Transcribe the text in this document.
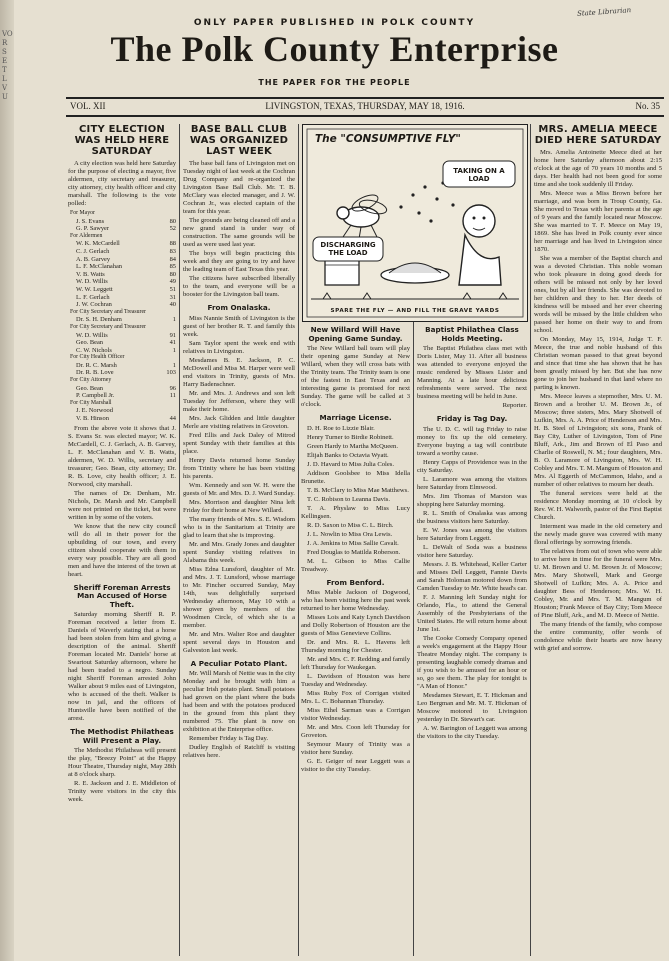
VO
R
S
E
T
L
V
U
State Librarian
ONLY PAPER PUBLISHED IN POLK COUNTY
The Polk County Enterprise
THE PAPER FOR THE PEOPLE
VOL. XII	LIVINGSTON, TEXAS, THURSDAY, MAY 18, 1916.	No. 35
CITY ELECTION WAS HELD HERE SATURDAY

A city election was held here Saturday for the purpose of electing a mayor, five aldermen, city secretary and treasurer, city attorney, city health officer and city marshall. The following is the vote polled:

For Mayor	
J. S. Evans	80
G. P. Sawyer	52
For Aldermen	
W. K. McCardell	88
C. J. Gerlach	83
A. B. Garvey	84
L. F. McClanahan	85
V. B. Watts	80
W. D. Willis	49
W. W. Leggett	51
L. F. Gerlach	31
J. W. Cochran	40
For City Secretary and Treasurer	
Dr. S. H. Denham	1
For City Secretary and Treasurer	
W. D. Willis	91
Geo. Bean	41
C. W. Nichols	1
For City Health Officer	
Dr. R. C. Marsh	1
Dr. R. B. Love	103
For City Attorney	
Geo. Bean	96
P. Campbell Jr.	11
For City Marshall	
J. E. Norwood	
V. B. Hinson	44

From the above vote it shows that J. S. Evans Sr. was elected mayor; W. K. McCardell, C. J. Gerlach, A. B. Garvey, L. F. McClanahan and V. B. Watts, aldermen, W. D. Willis, secretary and treasurer; Geo. Bean, city attorney; Dr. R. B. Love, city health officer; J. E. Norwood, city marshall.

The names of Dr. Denham, Mr. Nichols, Dr. Marsh and Mr. Campbell were not printed on the ticket, but were written in by some of the voters.

We know that the new city council will do all in their power for the upbuilding of our town, and every citizen should cooperate with them in every way possible. They are all good men and have the interest of the town at heart.

Sheriff Foreman Arrests Man Accused of Horse Theft.

Saturday morning Sheriff R. P. Foreman received a letter from E. Daniels of Waverly stating that a horse had been stolen from him and giving a description of the animal. Sheriff Foreman located Mr. Daniels' horse at Swartout Saturday afternoon, where he had been traded to a negro. Sunday night Sheriff Foreman arrested John Walker about 9 miles east of Livingston, who is accused of the theft. Walker is now in jail, and the officers of Huntsville have been notified of the arrest.

The Methodist Philatheas Will Present a Play.

The Methodist Philatheas will present the play, "Breezy Point" at the Happy Hour Theatre, Thursday night, May 28th at 8 o'clock sharp.

R. E. Jackson and J. E. Middleton of Trinity were visitors in the city this week.

BASE BALL CLUB WAS ORGANIZED LAST WEEK

The base ball fans of Livingston met on Tuesday night of last week at the Cochran Drug Company and re-organized the Livingston Base Ball Club. Mr. T. B. McClary was elected manager, and J. W. Cochran Jr., was elected captain of the team for this year.

The grounds are being cleaned off and a new grand stand is under way of construction. The same grounds will be used as were used last year.

The boys will begin practicing this week and they are going to try and have the leading team of East Texas this year.

The citizens have subscribed liberally to the team, and everyone will be a booster for the Livingston ball team.

From Onalaska.

Miss Nannie Smith of Livingston is the guest of her brother R. T. and family this week.

Sam Taylor spent the week end with relatives in Livingston.

Mesdames B. E. Jackson, P. C. McDowell and Miss M. Harper were well end visitors in Trinity, guests of Mrs. Harry Badenschner.

Mr. and Mrs. J. Andrews and son left Tuesday for Jefferson, where they will make their home.

Mrs. Jack Glidden and little daughter Merle are visiting relatives in Groveton.

Fred Ellis and Jack Daley of Mitrod spent Sunday with their families at this place.

Henry Davis returned home Sunday from Trinity where he has been visiting his parents.

Wm. Kennedy and son W. H. were the guests of Mr. and Mrs. D. J. Ward Sunday.

Mrs. Morrison and daughter Nina left Friday for their home at New Willard.

The many friends of Mrs. S. E. Wisdom who is in the Sanitarium at Trinity are glad to learn that she is improving.

Mr. and Mrs. Grady Jones and daughter spent Sunday visiting relatives in Alabama this week.

Miss Edna Lunsford, daughter of Mr. and Mrs. J. T. Lunsford, whose marriage to Mr. Fincher occurred Sunday, May 14th, was delightfully surprised Wednesday afternoon, May 10 with a shower given by members of the Woodmen Circle, of which she is a member.

Mr. and Mrs. Walter Roe and daughter spent several days in Houston and Galveston last week.

A Peculiar Potato Plant.

Mr. Will Marsh of Nettie was in the city Monday and he brought with him a peculiar Irish potato plant. Small potatoes had grown on the plant where the buds had been and with the potatoes produced in the ground from this plant they numbered 75. The plant is now on exhibition at the Enterprise office.

Remember Friday is Tag Day.

Dudley English of Ratcliff is visiting relatives here.

The "CONSUMPTIVE FLY"
TAKING ON A LOAD
DISCHARGING THE LOAD
SPARE THE FLY — AND FILL THE GRAVE YARDS
New Willard Will Have Opening Game Sunday.

The New Willard ball team will play their opening game Sunday at New Willard, when they will cross bats with the Trinity team. The Trinity team is one of the fastest in East Texas and an interesting game is promised for next Sunday. The game will be called at 3 o'clock.

Marriage License.

D. H. Roe to Lizzie Blair.

Henry Turner to Birdie Robinett.

Green Hardy to Martha McQueen.

Elijah Banks to Octavia Wyatt.

J. D. Havard to Miss Julia Coles.

Addison Goolsbee to Miss Idella Brunette.

T. B. McClary to Miss Mae Matthews.

T. C. Robison to Leanna Davis.

T. A. Physlaw to Miss Lucy Kellingsen.

R. D. Saxon to Miss C. L. Birch.

J. L. Nowlin to Miss Ora Lewis.

J. A. Jenkins to Miss Sallie Cavalt.

Fred Douglas to Matilda Roberson.

M. L. Gibson to Miss Callie Treadway.

From Benford.

Miss Mable Jackson of Dogwood, who has been visiting here the past week returned to her home Wednesday.

Misses Lois and Katy Lynch Davidson and Dolly Robertson of Houston are the guests of Miss Genevieve Collins.

Dr. and Mrs. R. L. Havens left Thursday morning for Chester.

Mr. and Mrs. C. F. Redding and family left Thursday for Waukegan.

L. Davidson of Houston was here Tuesday and Wednesday.

Miss Ruby Fox of Corrigan visited Mrs. L. C. Bohannan Thursday.

Miss Ethel Sarman was a Corrigan visitor Wednesday.

Mr. and Mrs. Coon left Thursday for Groveton.

Seymour Maury of Trinity was a visitor here Sunday.

G. E. Geiger of near Leggett was a visitor to the city Tuesday.

Baptist Philathea Class Holds Meeting.

The Baptist Philathea class met with Doris Lister, May 11. After all business was attended to everyone enjoyed the music rendered by Misses Lister and Manning. At a late hour delicious refreshments were served. The next business meeting will be held in June.

Reporter.

Friday is Tag Day.

The U. D. C. will tag Friday to raise money to fix up the old cemetery. Everyone buying a tag will contribute toward a worthy cause.

Henry Capps of Providence was in the city Saturday.

L. Laramore was among the visitors here Saturday from Elmwood.

Mrs. Jim Thomas of Marston was shopping here Saturday morning.

R. L. Smith of Onalaska was among the business visitors here Saturday.

E. W. Jones was among the visitors here Saturday from Leggett.

L. DeWalt of Soda was a business visitor here Saturday.

Messrs. J. B. Whitehead, Keller Carter and Misses Dell Leggett, Fannie Davis and Sarah Holoman motored down from Camden Tuesday to Mr. White head's car.

F. J. Manning left Sunday night for Orlando, Fla., to attend the General Assembly of the Presbyterians of the United States. He will return home about June 1st.

The Cooke Comedy Company opened a week's engagement at the Happy Hour Theatre Monday night. The company is presenting laughable comedy dramas and if you wish to be amused for an hour or so, go see them. The play for tonight is "A Man of Honor."

Mesdames Stewart, E. T. Hickman and Leo Bergman and Mr. M. T. Hickman of Moscow motored to Livingston yesterday in Dr. Stewart's car.

A. W. Barington of Leggett was among the visitors to the city Tuesday.

MRS. AMELIA MEECE DIED HERE SATURDAY

Mrs. Amelia Antoinette Meece died at her home here Saturday afternoon about 2:15 o'clock at the age of 70 years 10 months and 5 days. Her health had not been good for some time and she took suddenly ill Friday.

Mrs. Meece was a Miss Brown before her marriage, and was born in Troup County, Ga. She moved to Texas with her parents at the age of 9 years and the family located near Moscow. She was married to T. F. Meece on May 19, 1869. She has lived in Polk county ever since her marriage and has lived in Livingston since 1870.

She was a member of the Baptist church and was a devoted Christian. This noble woman who took pleasure in doing good deeds for others will be missed not only by her loved ones, but by all her friends. She was devoted to her children and they to her. Her deeds of kindness will be missed and her ever cheering words will be missed by the little children who passed her home on their way to and from school.

On Monday, May 15, 1914, Judge T. F. Meece, the true and noble husband of this Christian woman passed to that great beyond and since that time she has shown that he has been greatly missed by her. But she has now gone to join her husband in that land where no parting is known.

Mrs. Meece leaves a stepmother, Mrs. U. M. Brown and a brother U. M. Brown Jr., of Moscow; three sisters, Mrs. Mary Shotwell of Lufkin, Mrs. A. A. Price of Henderson and Mrs. H. B. Steel of Livingston; six sons, Frank of Bay City, Luther of Livingston, Tom of Pine Bluff, Ark., Jim and Brown of El Paso and Charlie of Roswell, N. M.; four daughters, Mrs. B. O. Laramore of Livingston, Mrs. W. H. Cobley and Mrs. T. M. Mangum of Houston and Mrs. Al Eggerth of McCammon, Idaho, and a number of other relatives to mourn her death.

The funeral services were held at the residence Monday morning at 10 o'clock by Rev. W. H. Walworth, pastor of the First Baptist Church.

Interment was made in the old cemetery and the newly made grave was covered with many floral offerings by sorrowing friends.

The relatives from out of town who were able to arrive here in time for the funeral were Mrs. U. M. Brown and U. M. Brown Jr. of Moscow; Mrs. Mary Shotwell, Mark and George Shotwell of Lufkin; Mrs. A. A. Price and daughter Bess of Henderson; Mrs. W. H. Cobley, Mr. and Mrs. T. M. Mangum of Houston; Frank Meece of Bay City; Tom Meece of Pine Bluff, Ark., and M. D. Meece of Nettie.

The many friends of the family, who compose the entire community, offer words of condolence while their hearts are now heavy with grief and sorrow.
